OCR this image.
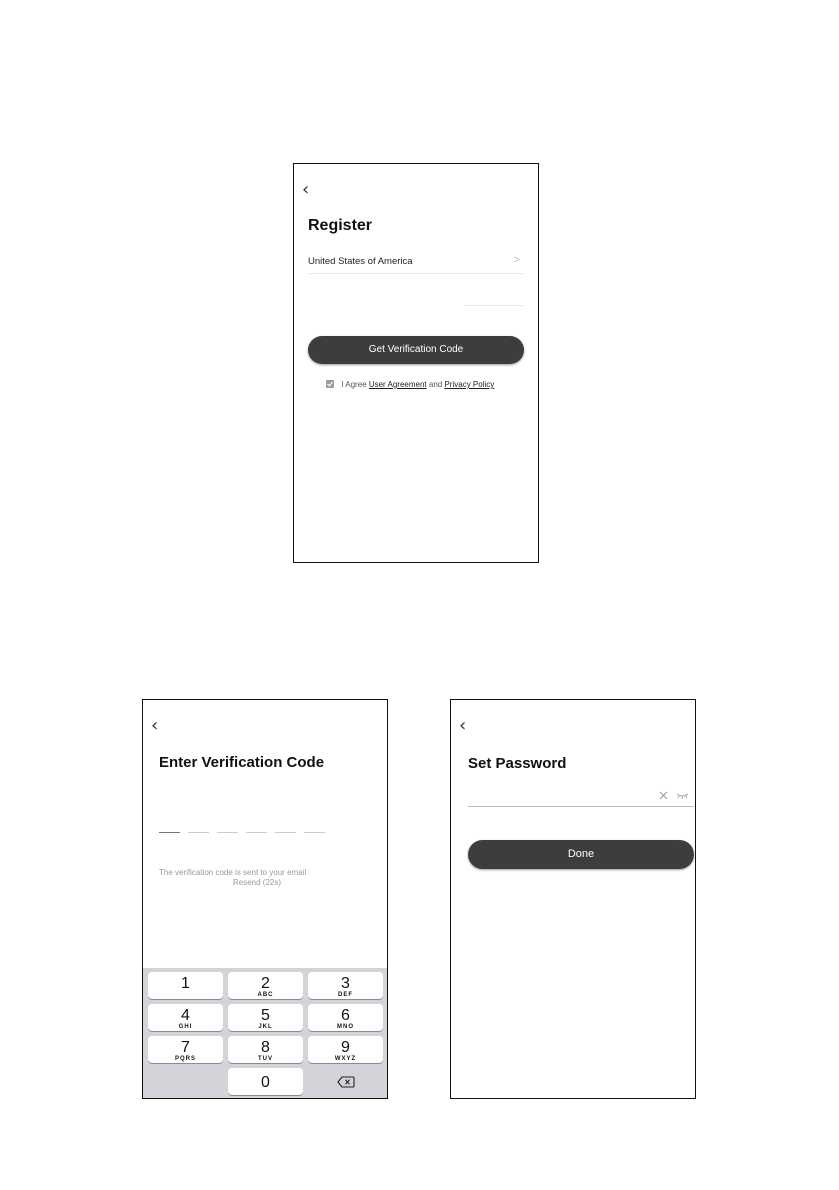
‹
Register
United States of America	>
Get Verification Code
I Agree User Agreement and Privacy Policy
‹
Enter Verification Code
The verification code is sent to your email
Resend (22s)
1	2
ABC
3
DEF
4
GHI
5
JKL
6
MNO
7
PQRS
8
TUV
9
WXYZ
0
‹
Set Password
Done
